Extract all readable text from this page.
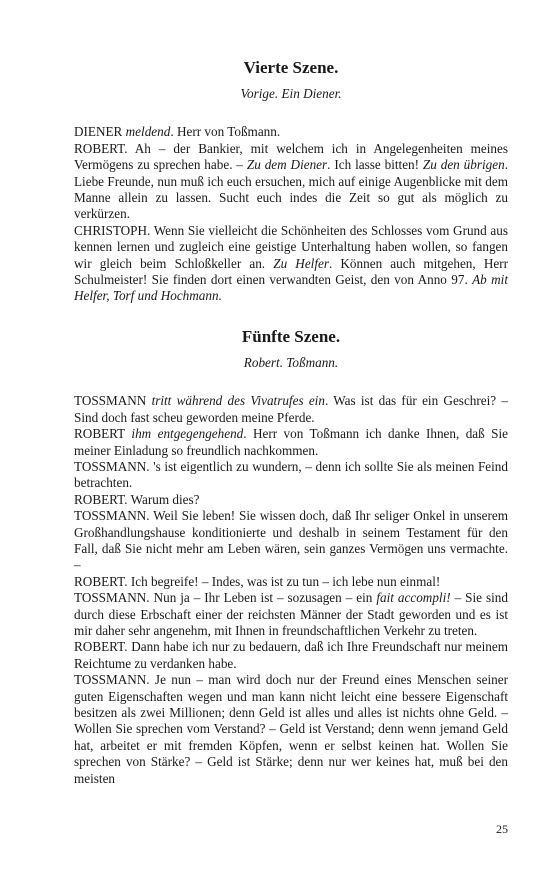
Vierte Szene.
Vorige. Ein Diener.

DIENER meldend. Herr von Toßmann.

ROBERT. Ah – der Bankier, mit welchem ich in Angelegenheiten meines Vermögens zu sprechen habe. – Zu dem Diener. Ich lasse bitten! Zu den übrigen. Liebe Freunde, nun muß ich euch ersuchen, mich auf einige Augenblicke mit dem Manne allein zu lassen. Sucht euch indes die Zeit so gut als möglich zu verkürzen.

CHRISTOPH. Wenn Sie vielleicht die Schönheiten des Schlosses vom Grund aus kennen lernen und zugleich eine geistige Unterhaltung haben wollen, so fangen wir gleich beim Schloßkeller an. Zu Helfer. Können auch mitgehen, Herr Schulmeister! Sie finden dort einen verwandten Geist, den von Anno 97. Ab mit Helfer, Torf und Hochmann.

Fünfte Szene.
Robert. Toßmann.

TOSSMANN tritt während des Vivatrufes ein. Was ist das für ein Geschrei? – Sind doch fast scheu geworden meine Pferde.

ROBERT ihm entgegengehend. Herr von Toßmann ich danke Ihnen, daß Sie meiner Einladung so freundlich nachkommen.

TOSSMANN. 's ist eigentlich zu wundern, – denn ich sollte Sie als meinen Feind betrachten.

ROBERT. Warum dies?

TOSSMANN. Weil Sie leben! Sie wissen doch, daß Ihr seliger Onkel in unserem Großhandlungshause konditionierte und deshalb in seinem Testament für den Fall, daß Sie nicht mehr am Leben wären, sein ganzes Vermögen uns vermachte. –

ROBERT. Ich begreife! – Indes, was ist zu tun – ich lebe nun einmal!

TOSSMANN. Nun ja – Ihr Leben ist – sozusagen – ein fait accompli! – Sie sind durch diese Erbschaft einer der reichsten Männer der Stadt geworden und es ist mir daher sehr angenehm, mit Ihnen in freundschaftlichen Verkehr zu treten.

ROBERT. Dann habe ich nur zu bedauern, daß ich Ihre Freundschaft nur meinem Reichtume zu verdanken habe.

TOSSMANN. Je nun – man wird doch nur der Freund eines Menschen seiner guten Eigenschaften wegen und man kann nicht leicht eine bessere Eigenschaft besitzen als zwei Millionen; denn Geld ist alles und alles ist nichts ohne Geld. – Wollen Sie sprechen vom Verstand? – Geld ist Verstand; denn wenn jemand Geld hat, arbeitet er mit fremden Köpfen, wenn er selbst keinen hat. Wollen Sie sprechen von Stärke? – Geld ist Stärke; denn nur wer keines hat, muß bei den meisten

25
